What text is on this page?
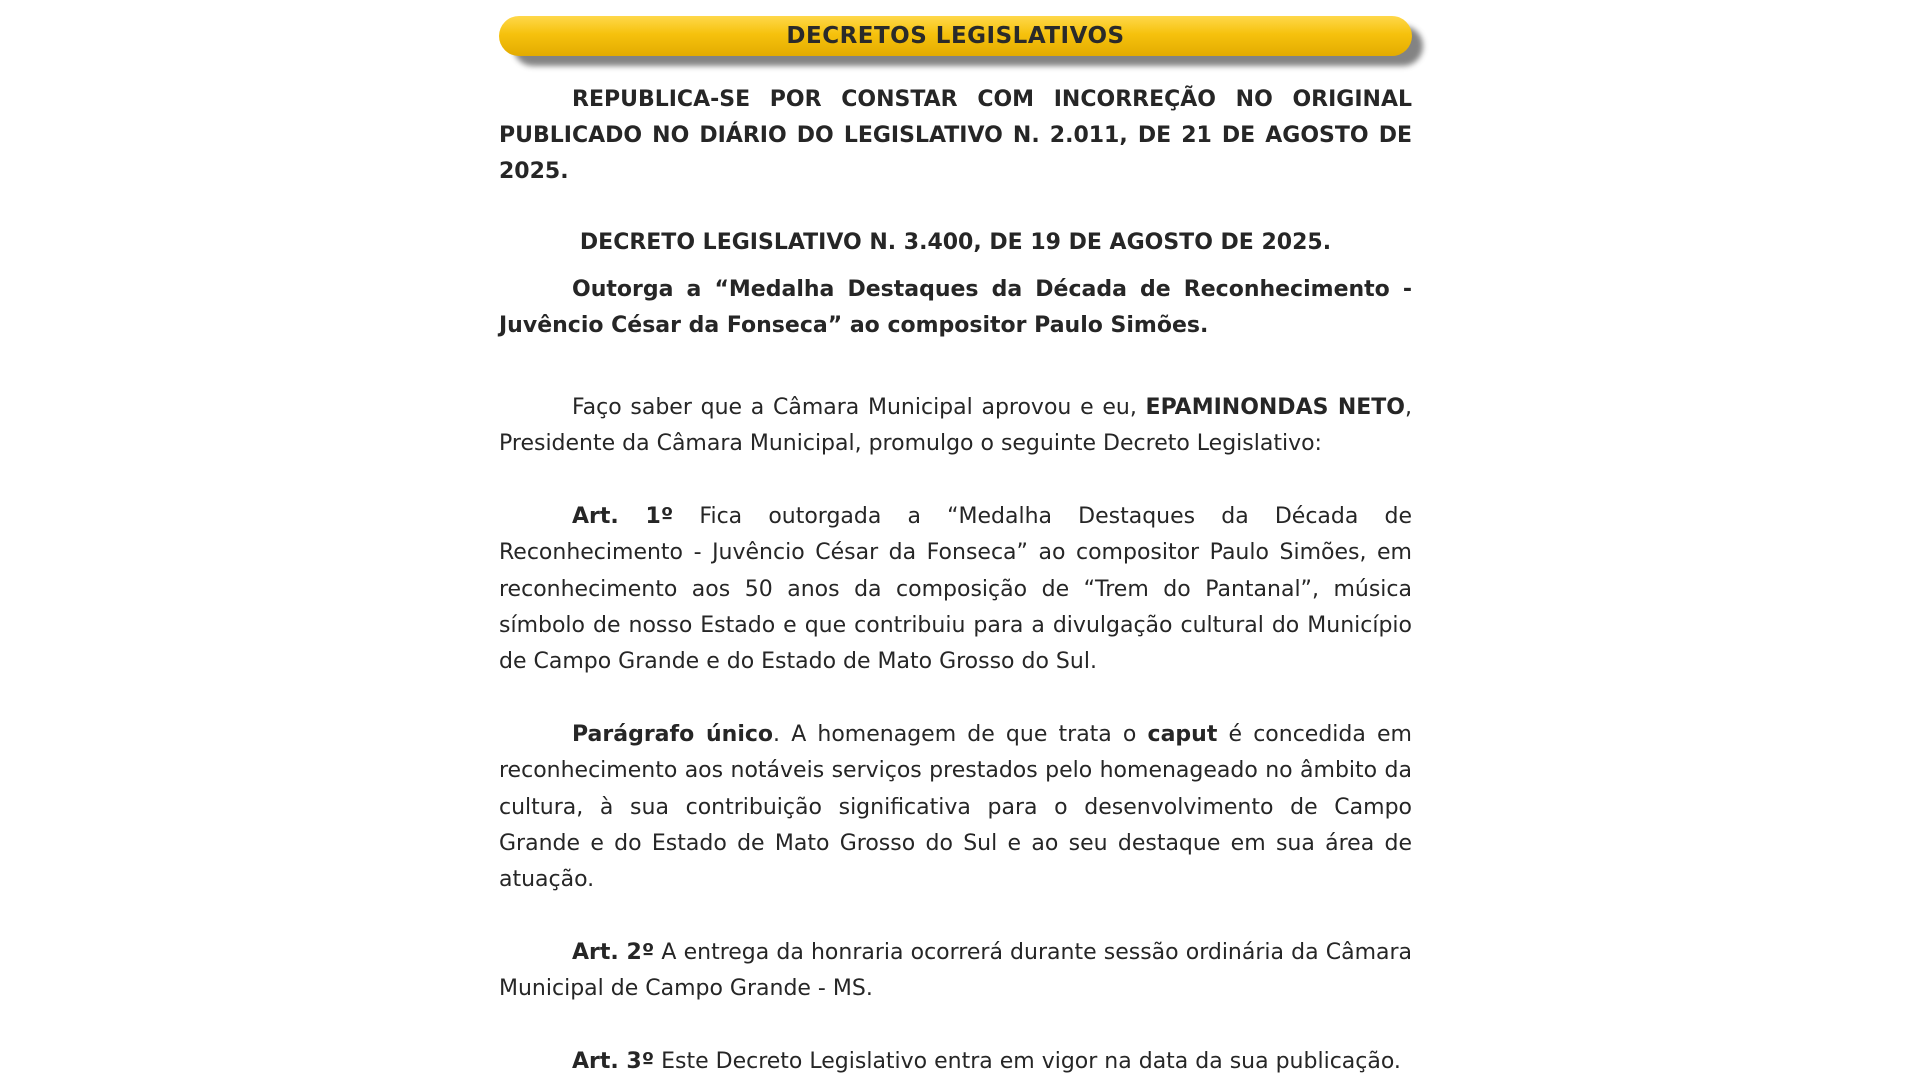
DECRETOS LEGISLATIVOS

REPUBLICA-SE POR CONSTAR COM INCORREÇÃO NO ORIGINAL PUBLICADO NO DIÁRIO DO LEGISLATIVO N. 2.011, DE 21 DE AGOSTO DE 2025.

DECRETO LEGISLATIVO N. 3.400, DE 19 DE AGOSTO DE 2025.

Outorga a “Medalha Destaques da Década de Reconhecimento - Juvêncio César da Fonseca” ao compositor Paulo Simões.

Faço saber que a Câmara Municipal aprovou e eu, EPAMINONDAS NETO, Presidente da Câmara Municipal, promulgo o seguinte Decreto Legislativo:

Art. 1º Fica outorgada a “Medalha Destaques da Década de Reconhecimento - Juvêncio César da Fonseca” ao compositor Paulo Simões, em reconhecimento aos 50 anos da composição de “Trem do Pantanal”, música símbolo de nosso Estado e que contribuiu para a divulgação cultural do Município de Campo Grande e do Estado de Mato Grosso do Sul.

Parágrafo único. A homenagem de que trata o caput é concedida em reconhecimento aos notáveis serviços prestados pelo homenageado no âmbito da cultura, à sua contribuição significativa para o desenvolvimento de Campo Grande e do Estado de Mato Grosso do Sul e ao seu destaque em sua área de atuação.

Art. 2º A entrega da honraria ocorrerá durante sessão ordinária da Câmara Municipal de Campo Grande - MS.

Art. 3º Este Decreto Legislativo entra em vigor na data da sua publicação.
